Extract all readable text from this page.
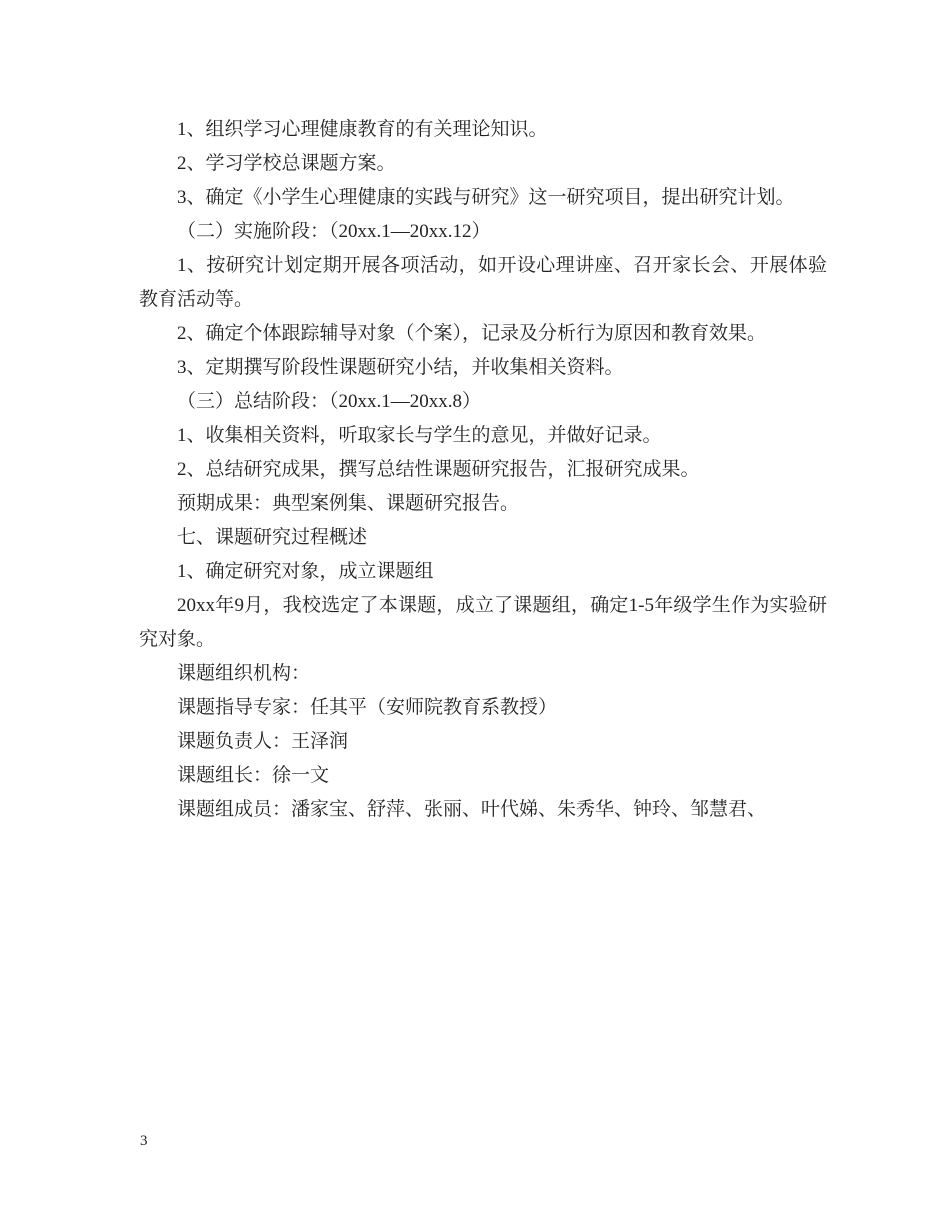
1、组织学习心理健康教育的有关理论知识。

2、学习学校总课题方案。

3、确定《小学生心理健康的实践与研究》这一研究项目，提出研究计划。

（二）实施阶段：（20xx.1—20xx.12）

1、按研究计划定期开展各项活动，如开设心理讲座、召开家长会、开展体验教育活动等。

2、确定个体跟踪辅导对象（个案），记录及分析行为原因和教育效果。

3、定期撰写阶段性课题研究小结，并收集相关资料。

（三）总结阶段：（20xx.1—20xx.8）

1、收集相关资料，听取家长与学生的意见，并做好记录。

2、总结研究成果，撰写总结性课题研究报告，汇报研究成果。

预期成果：典型案例集、课题研究报告。

七、课题研究过程概述

1、确定研究对象，成立课题组

20xx年9月，我校选定了本课题，成立了课题组，确定1-5年级学生作为实验研究对象。

课题组织机构：

课题指导专家：任其平（安师院教育系教授）

课题负责人：王泽润

课题组长：徐一文

课题组成员：潘家宝、舒萍、张丽、叶代娣、朱秀华、钟玲、邹慧君、

3
